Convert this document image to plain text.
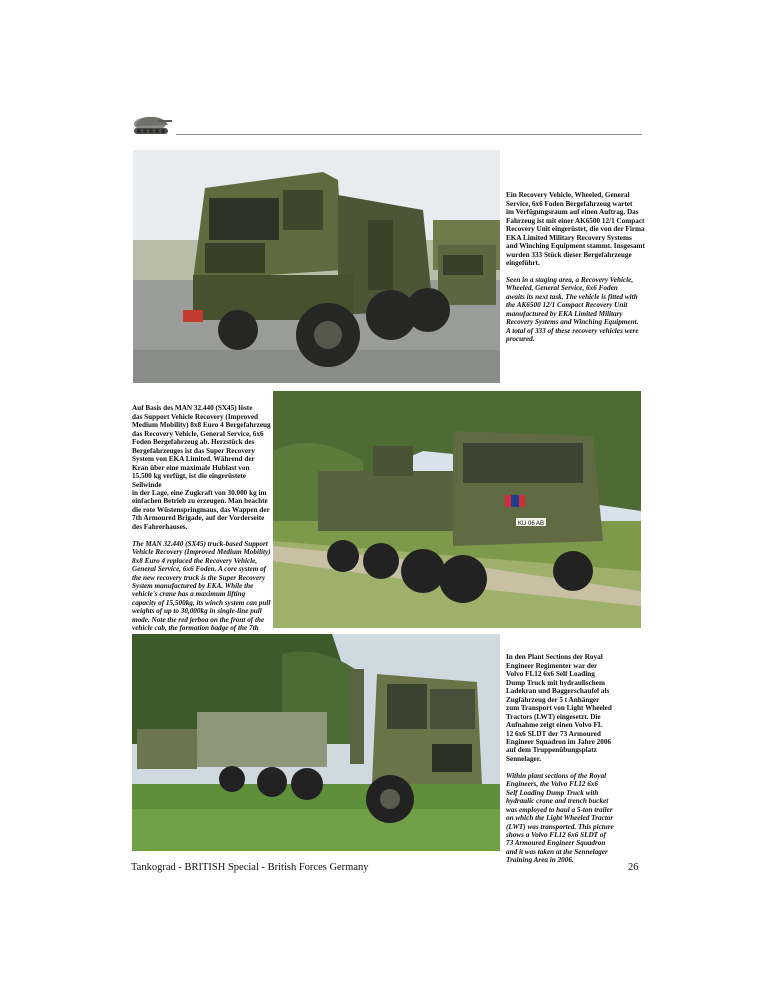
Ein Recovery Vehicle, Wheeled, General
Service, 6x6 Foden Bergefahrzeug wartet
im Verfügungsraum auf einen Auftrag. Das
Fahrzeug ist mit einer AK6500 12/1 Compact
Recovery Unit eingerüstet, die von der Firma
EKA Limited Military Recovery Systems
and Winching Equipment stammt. Insgesamt
wurden 333 Stück dieser Bergefahrzeuge
eingeführt.

Seen in a staging area, a Recovery Vehicle,
Wheeled, General Service, 6x6 Foden
awaits its next task. The vehicle is fitted with
the AK6500 12/1 Compact Recovery Unit
manufactured by EKA Limited Military
Recovery Systems and Winching Equipment.
A total of 333 of these recovery vehicles were
procured.

Auf Basis des MAN 32.440 (SX45) löste
das Support Vehicle Recovery (Improved
Medium Mobility) 8x8 Euro 4 Bergefahrzeug
das Recovery Vehicle, General Service, 6x6
Foden Bergefahrzeug ab. Herzstück des
Bergefahrzeuges ist das Super Recovery
System von EKA Limited. Während der
Kran über eine maximale Hublast von
15.500 kg verfügt, ist die eingerüstete Seilwinde
in der Lage, eine Zugkraft von 30.000 kg im
einfachen Betrieb zu erzeugen. Man beachte
die rote Wüstenspringmaus, das Wappen der
7th Armoured Brigade, auf der Vorderseite
des Fahrerhauses.

The MAN 32.440 (SX45) truck-based Support
Vehicle Recovery (Improved Medium Mobility)
8x8 Euro 4 replaced the Recovery Vehicle,
General Service, 6x6 Foden. A core system of
the new recovery truck is the Super Recovery
System manufactured by EKA. While the
vehicle's crane has a maximum lifting
capacity of 15,500kg, its winch system can pull
weights of up to 30,000kg in single-line pull
mode. Note the red jerboa on the front of the
vehicle cab, the formation badge of the 7th

KU 06 AB

In den Plant Sections der Royal
Engineer Regimenter war der
Volvo FL12 6x6 Self Loading
Dump Truck mit hydraulischem
Ladekran und Baggerschaufel als
Zugfahrzeug der 5 t Anhänger
zum Transport von Light Wheeled
Tractors (LWT) eingesetzt. Die
Aufnahme zeigt einen Volvo FL
12 6x6 SLDT der 73 Armoured
Engineer Squadron im Jahre 2006
auf dem Truppenübungsplatz
Sennelager.

Within plant sections of the Royal
Engineers, the Volvo FL12 6x6
Self Loading Dump Truck with
hydraulic crane and trench bucket
was employed to haul a 5-ton trailer
on which the Light Wheeled Tractor
(LWT) was transported. This picture
shows a Volvo FL12 6x6 SLDT of
73 Armoured Engineer Squadron
and it was taken at the Sennelager
Training Area in 2006.

Tankograd - BRITISH Special - British Forces Germany	26
